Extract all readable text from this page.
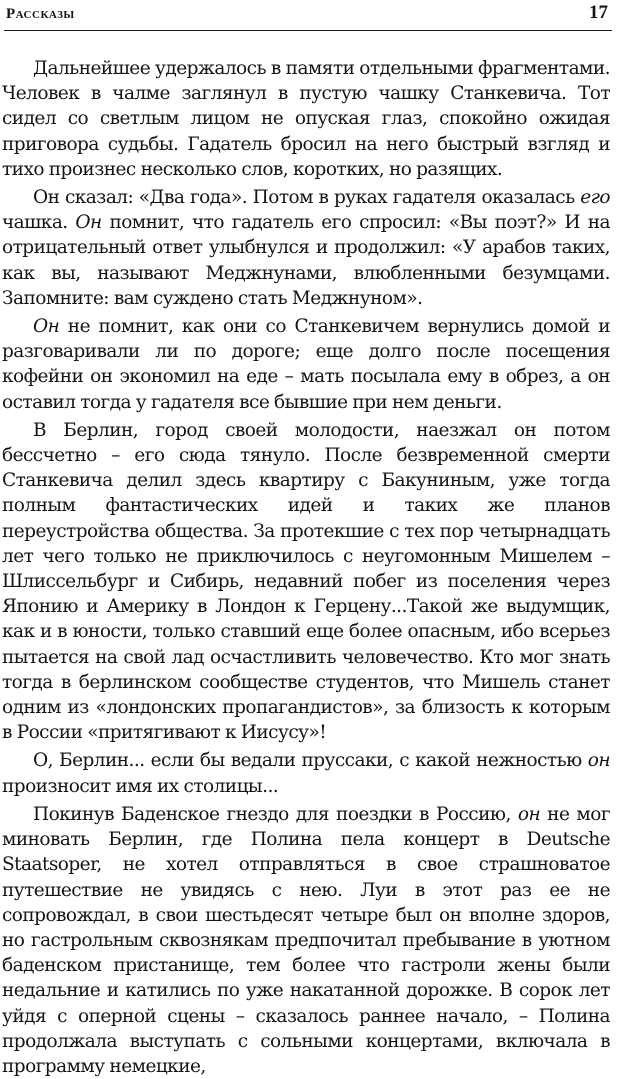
Рассказы	17

Дальнейшее удержалось в памяти отдельными фрагментами. Человек в чалме заглянул в пустую чашку Станкевича. Тот сидел со светлым лицом не опуская глаз, спокойно ожидая приговора судьбы. Гадатель бросил на него быстрый взгляд и тихо произнес несколько слов, коротких, но разящих.

Он сказал: «Два года». Потом в руках гадателя оказалась его чашка. Он помнит, что гадатель его спросил: «Вы поэт?» И на отрицательный ответ улыбнулся и продолжил: «У арабов таких, как вы, называют Меджнунами, влюбленными безумцами. Запомните: вам суждено стать Меджнуном».

Он не помнит, как они со Станкевичем вернулись домой и разговаривали ли по дороге; еще долго после посещения кофейни он экономил на еде – мать посылала ему в обрез, а он оставил тогда у гадателя все бывшие при нем деньги.

В Берлин, город своей молодости, наезжал он потом бессчетно – его сюда тянуло. После безвременной смерти Станкевича делил здесь квартиру с Бакуниным, уже тогда полным фантастических идей и таких же планов переустройства общества. За протекшие с тех пор четырнадцать лет чего только не приключилось с неугомонным Мишелем – Шлиссельбург и Сибирь, недавний побег из поселения через Японию и Америку в Лондон к Герцену...Такой же выдумщик, как и в юности, только ставший еще более опасным, ибо всерьез пытается на свой лад осчастливить человечество. Кто мог знать тогда в берлинском сообществе студентов, что Мишель станет одним из «лондонских пропагандистов», за близость к которым в России «притягивают к Иисусу»!

О, Берлин... если бы ведали пруссаки, с какой нежностью он произносит имя их столицы...

Покинув Баденское гнездо для поездки в Россию, он не мог миновать Берлин, где Полина пела концерт в Deutsche Staatsoper, не хотел отправляться в свое страшноватое путешествие не увидясь с нею. Луи в этот раз ее не сопровождал, в свои шестьдесят четыре был он вполне здоров, но гастрольным сквознякам предпочитал пребывание в уютном баденском пристанище, тем более что гастроли жены были недальние и катились по уже накатанной дорожке. В сорок лет уйдя с оперной сцены – сказалось раннее начало, – Полина продолжала выступать с сольными концертами, включала в программу немецкие,
